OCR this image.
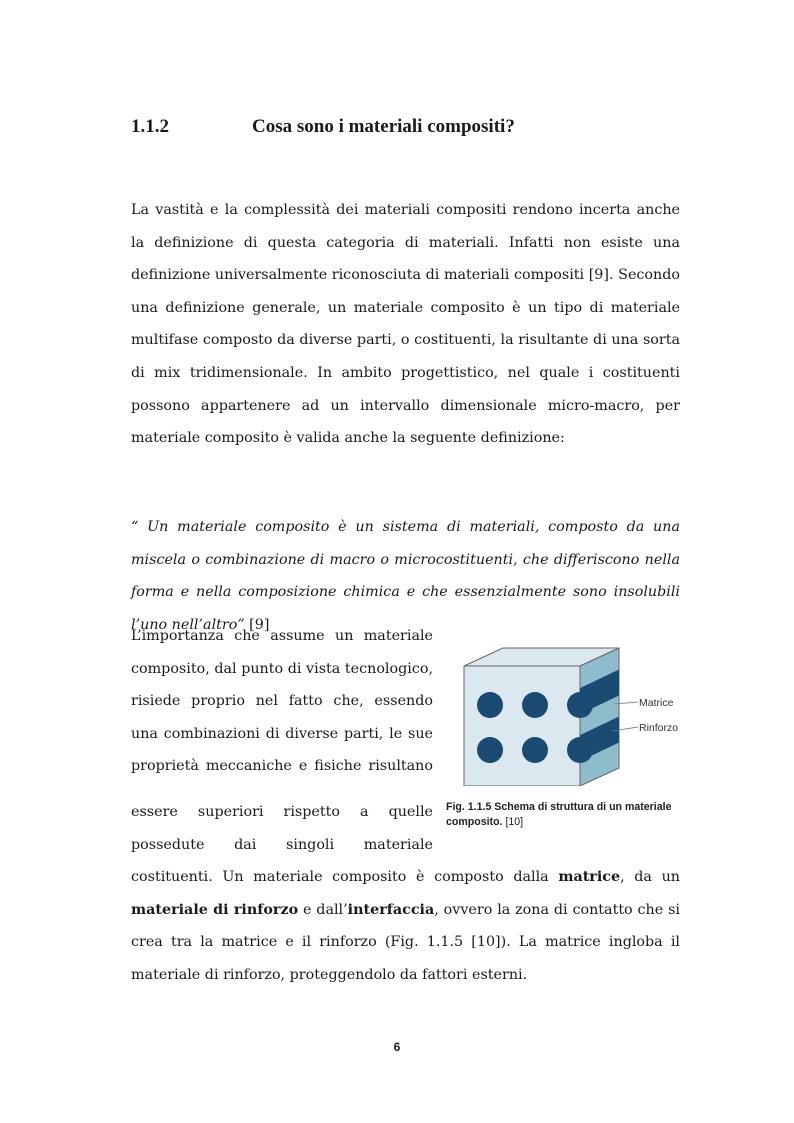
1.1.2	Cosa sono i materiali compositi?

La vastità e la complessità dei materiali compositi rendono incerta anche la definizione di questa categoria di materiali. Infatti non esiste una definizione universalmente riconosciuta di materiali compositi [9]. Secondo una definizione generale, un materiale composito è un tipo di materiale multifase composto da diverse parti, o costituenti, la risultante di una sorta di mix tridimensionale. In ambito progettistico, nel quale i costituenti possono appartenere ad un intervallo dimensionale micro-macro, per materiale composito è valida anche la seguente definizione:

“ Un materiale composito è un sistema di materiali, composto da una miscela o combinazione di macro o microcostituenti, che differiscono nella forma e nella composizione chimica e che essenzialmente sono insolubili l’uno nell’altro” [9]

L’importanza che assume un materiale composito, dal punto di vista tecnologico, risiede proprio nel fatto che, essendo una combinazioni di diverse parti, le sue proprietà meccaniche e fisiche risultano

essere superiori rispetto a quelle possedute dai singoli materiale

costituenti. Un materiale composito è composto dalla matrice, da un materiale di rinforzo e dall’interfaccia, ovvero la zona di contatto che si crea tra la matrice e il rinforzo (Fig. 1.1.5 [10]). La matrice ingloba il materiale di rinforzo, proteggendolo da fattori esterni.

Matrice
Rinforzo
Fig. 1.1.5 Schema di struttura di un materiale composito. [10]
6
